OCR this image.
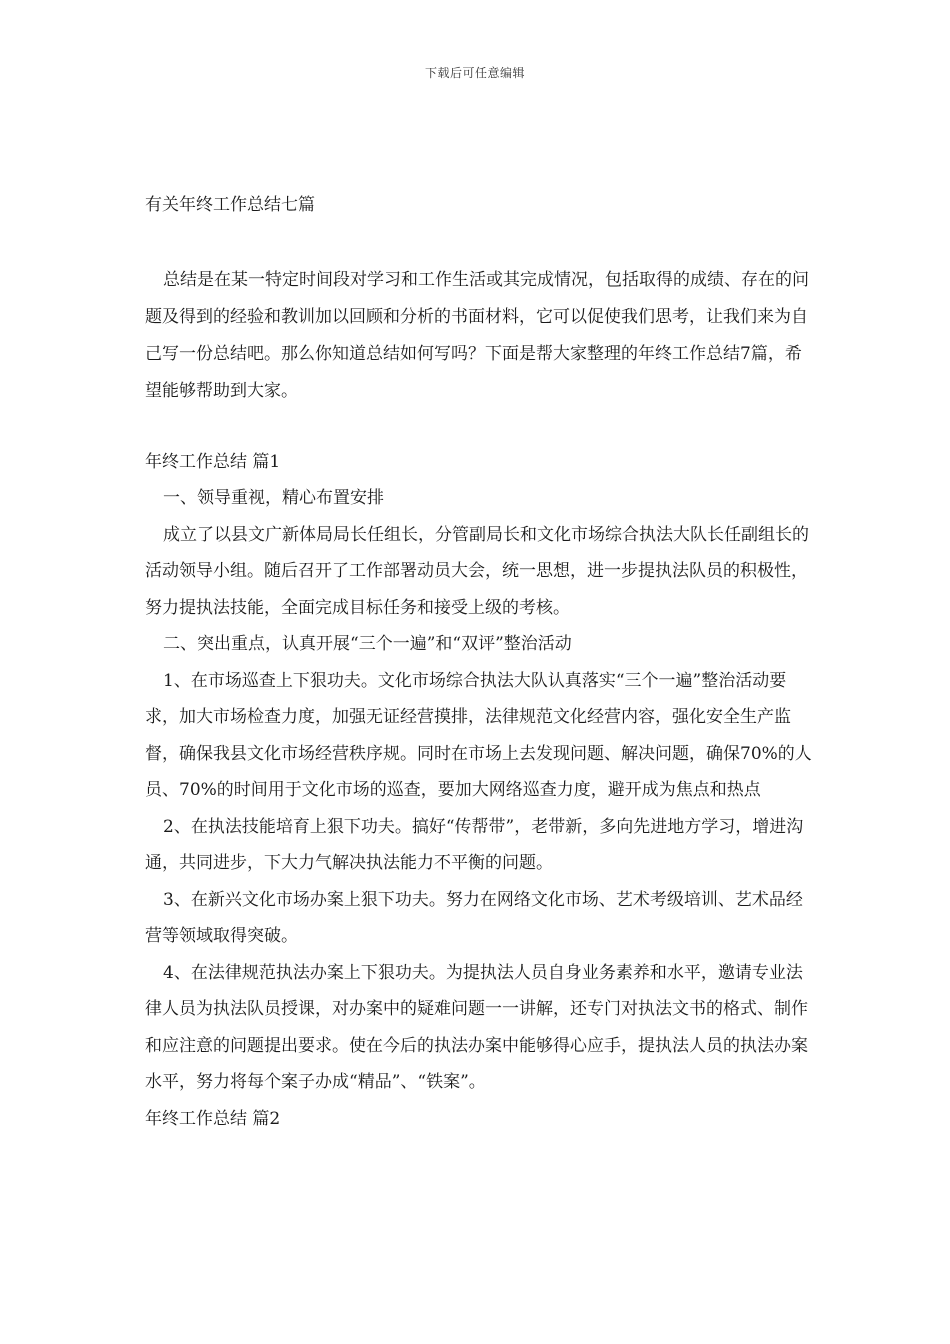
下载后可任意编辑

有关年终工作总结七篇

总结是在某一特定时间段对学习和工作生活或其完成情况，包括取得的成绩、存在的问题及得到的经验和教训加以回顾和分析的书面材料，它可以促使我们思考，让我们来为自己写一份总结吧。那么你知道总结如何写吗？下面是帮大家整理的年终工作总结7篇，希望能够帮助到大家。

年终工作总结 篇1

一、领导重视，精心布置安排

成立了以县文广新体局局长任组长，分管副局长和文化市场综合执法大队长任副组长的活动领导小组。随后召开了工作部署动员大会，统一思想，进一步提执法队员的积极性，努力提执法技能，全面完成目标任务和接受上级的考核。

二、突出重点，认真开展“三个一遍”和“双评”整治活动

1、在市场巡查上下狠功夫。文化市场综合执法大队认真落实“三个一遍”整治活动要求，加大市场检查力度，加强无证经营摸排，法律规范文化经营内容，强化安全生产监督，确保我县文化市场经营秩序规。同时在市场上去发现问题、解决问题，确保70%的人员、70%的时间用于文化市场的巡查，要加大网络巡查力度，避开成为焦点和热点

2、在执法技能培育上狠下功夫。搞好“传帮带”，老带新，多向先进地方学习，增进沟通，共同进步，下大力气解决执法能力不平衡的问题。

3、在新兴文化市场办案上狠下功夫。努力在网络文化市场、艺术考级培训、艺术品经营等领域取得突破。

4、在法律规范执法办案上下狠功夫。为提执法人员自身业务素养和水平，邀请专业法律人员为执法队员授课，对办案中的疑难问题一一讲解，还专门对执法文书的格式、制作和应注意的问题提出要求。使在今后的执法办案中能够得心应手，提执法人员的执法办案水平，努力将每个案子办成“精品”、“铁案”。

年终工作总结 篇2
